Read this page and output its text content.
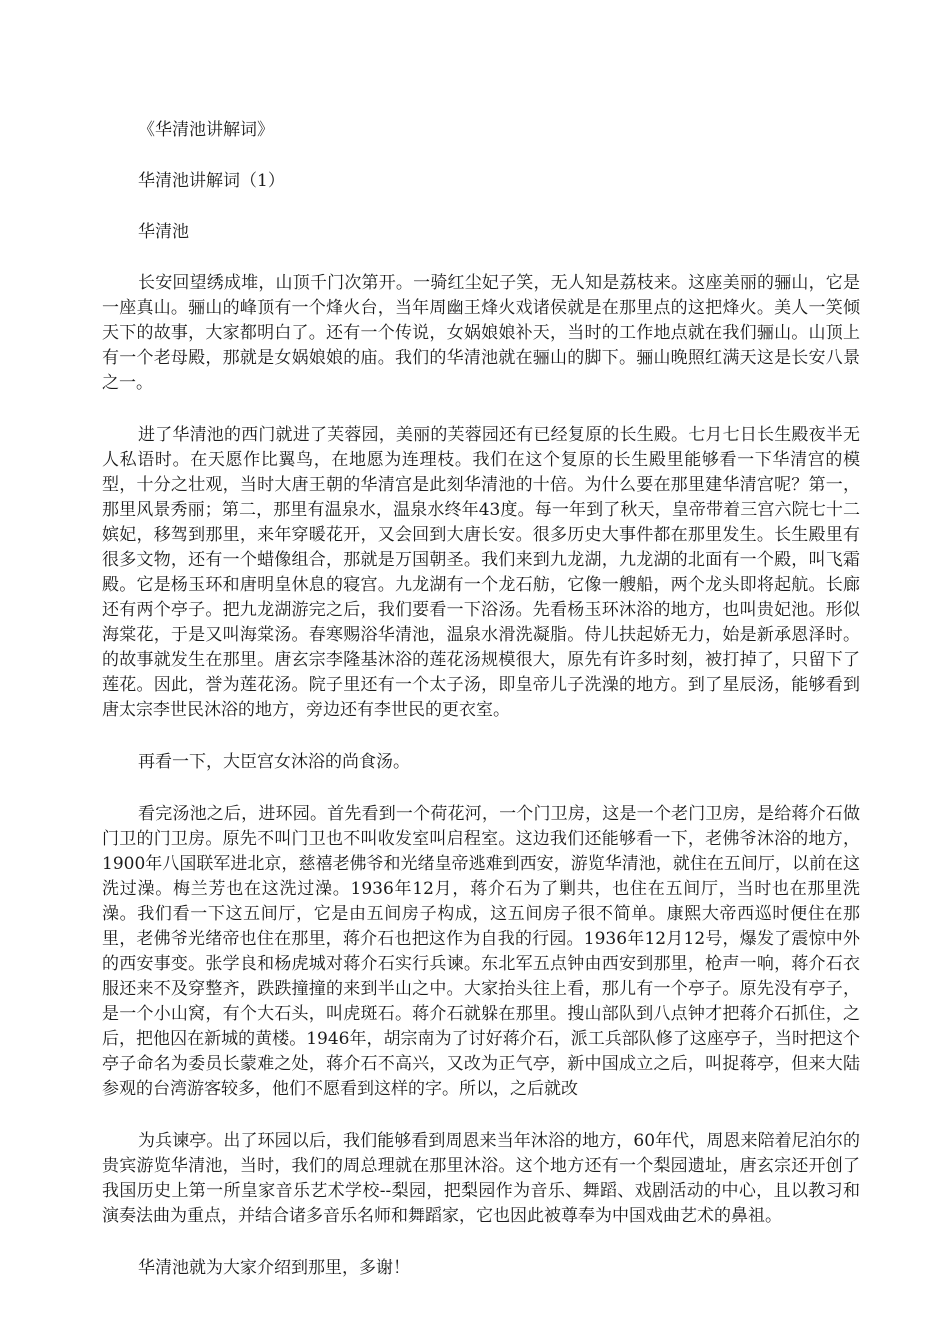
《华清池讲解词》

华清池讲解词（1）

华清池

长安回望绣成堆，山顶千门次第开。一骑红尘妃子笑，无人知是荔枝来。这座美丽的骊山，它是一座真山。骊山的峰顶有一个烽火台，当年周幽王烽火戏诸侯就是在那里点的这把烽火。美人一笑倾天下的故事，大家都明白了。还有一个传说，女娲娘娘补天，当时的工作地点就在我们骊山。山顶上有一个老母殿，那就是女娲娘娘的庙。我们的华清池就在骊山的脚下。骊山晚照红满天这是长安八景之一。

进了华清池的西门就进了芙蓉园，美丽的芙蓉园还有已经复原的长生殿。七月七日长生殿夜半无人私语时。在天愿作比翼鸟，在地愿为连理枝。我们在这个复原的长生殿里能够看一下华清宫的模型，十分之壮观，当时大唐王朝的华清宫是此刻华清池的十倍。为什么要在那里建华清宫呢？第一，那里风景秀丽；第二，那里有温泉水，温泉水终年43度。每一年到了秋天，皇帝带着三宫六院七十二嫔妃，移驾到那里，来年穿暖花开，又会回到大唐长安。很多历史大事件都在那里发生。长生殿里有很多文物，还有一个蜡像组合，那就是万国朝圣。我们来到九龙湖，九龙湖的北面有一个殿，叫飞霜殿。它是杨玉环和唐明皇休息的寝宫。九龙湖有一个龙石舫，它像一艘船，两个龙头即将起航。长廊还有两个亭子。把九龙湖游完之后，我们要看一下浴汤。先看杨玉环沐浴的地方，也叫贵妃池。形似海棠花，于是又叫海棠汤。春寒赐浴华清池，温泉水滑洗凝脂。侍儿扶起娇无力，始是新承恩泽时。的故事就发生在那里。唐玄宗李隆基沐浴的莲花汤规模很大，原先有许多时刻，被打掉了，只留下了莲花。因此，誉为莲花汤。院子里还有一个太子汤，即皇帝儿子洗澡的地方。到了星辰汤，能够看到唐太宗李世民沐浴的地方，旁边还有李世民的更衣室。

再看一下，大臣宫女沐浴的尚食汤。

看完汤池之后，进环园。首先看到一个荷花河，一个门卫房，这是一个老门卫房，是给蒋介石做门卫的门卫房。原先不叫门卫也不叫收发室叫启程室。这边我们还能够看一下，老佛爷沐浴的地方，1900年八国联军进北京，慈禧老佛爷和光绪皇帝逃难到西安，游览华清池，就住在五间厅，以前在这洗过澡。梅兰芳也在这洗过澡。1936年12月，蒋介石为了剿共，也住在五间厅，当时也在那里洗澡。我们看一下这五间厅，它是由五间房子构成，这五间房子很不简单。康熙大帝西巡时便住在那里，老佛爷光绪帝也住在那里，蒋介石也把这作为自我的行园。1936年12月12号，爆发了震惊中外的西安事变。张学良和杨虎城对蒋介石实行兵谏。东北军五点钟由西安到那里，枪声一响，蒋介石衣服还来不及穿整齐，跌跌撞撞的来到半山之中。大家抬头往上看，那儿有一个亭子。原先没有亭子，是一个小山窝，有个大石头，叫虎斑石。蒋介石就躲在那里。搜山部队到八点钟才把蒋介石抓住，之后，把他囚在新城的黄楼。1946年，胡宗南为了讨好蒋介石，派工兵部队修了这座亭子，当时把这个亭子命名为委员长蒙难之处，蒋介石不高兴，又改为正气亭，新中国成立之后，叫捉蒋亭，但来大陆参观的台湾游客较多，他们不愿看到这样的字。所以，之后就改

为兵谏亭。出了环园以后，我们能够看到周恩来当年沐浴的地方，60年代，周恩来陪着尼泊尔的贵宾游览华清池，当时，我们的周总理就在那里沐浴。这个地方还有一个梨园遗址，唐玄宗还开创了我国历史上第一所皇家音乐艺术学校--梨园，把梨园作为音乐、舞蹈、戏剧活动的中心，且以教习和演奏法曲为重点，并结合诸多音乐名师和舞蹈家，它也因此被尊奉为中国戏曲艺术的鼻祖。

华清池就为大家介绍到那里，多谢！
